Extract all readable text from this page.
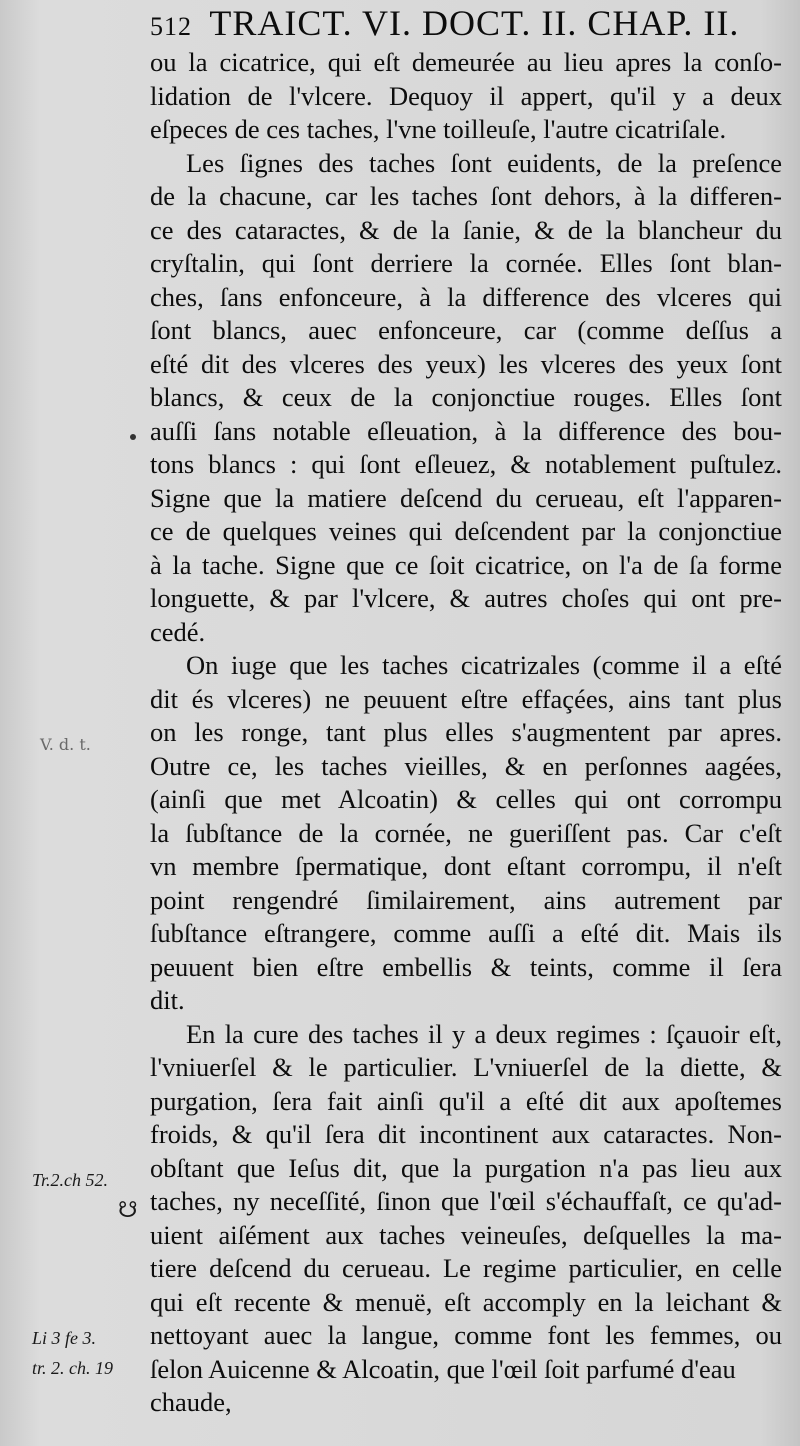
512 TRAICT. VI. DOCT. II. CHAP. II.
ou la cicatrice, qui eſt demeurée au lieu apres la conſo-
lidation de l'vlcere. Dequoy il appert, qu'il y a deux
eſpeces de ces taches, l'vne toilleuſe, l'autre cicatriſale.
Les ſignes des taches ſont euidents, de la preſence
de la chacune, car les taches ſont dehors, à la differen-
ce des cataractes, & de la ſanie, & de la blancheur du
cryſtalin, qui ſont derriere la cornée. Elles ſont blan-
ches, ſans enfonceure, à la difference des vlceres qui
ſont blancs, auec enfonceure, car (comme deſſus a
eſté dit des vlceres des yeux) les vlceres des yeux ſont
blancs, & ceux de la conjonctiue rouges. Elles ſont
auſſi ſans notable eſleuation, à la difference des bou-
tons blancs : qui ſont eſleuez, & notablement puſtulez.
Signe que la matiere deſcend du cerueau, eſt l'apparen-
ce de quelques veines qui deſcendent par la conjonctiue
à la tache. Signe que ce ſoit cicatrice, on l'a de ſa forme
longuette, & par l'vlcere, & autres choſes qui ont pre-
cedé.
On iuge que les taches cicatrizales (comme il a eſté
dit és vlceres) ne peuuent eſtre effaçées, ains tant plus
on les ronge, tant plus elles s'augmentent par apres.
Outre ce, les taches vieilles, & en perſonnes aagées,
(ainſi que met Alcoatin) & celles qui ont corrompu
la ſubſtance de la cornée, ne gueriſſent pas. Car c'eſt
vn membre ſpermatique, dont eſtant corrompu, il n'eſt
point rengendré ſimilairement, ains autrement par
ſubſtance eſtrangere, comme auſſi a eſté dit. Mais ils
peuuent bien eſtre embellis & teints, comme il ſera
dit.
En la cure des taches il y a deux regimes : ſçauoir eſt,
l'vniuerſel & le particulier. L'vniuerſel de la diette, &
purgation, ſera fait ainſi qu'il a eſté dit aux apoſtemes
froids, & qu'il ſera dit incontinent aux cataractes. Non-
obſtant que Ieſus dit, que la purgation n'a pas lieu aux
taches, ny neceſſité, ſinon que l'œil s'échauffaſt, ce qu'ad-
uient aiſément aux taches veineuſes, deſquelles la ma-
tiere deſcend du cerueau. Le regime particulier, en celle
qui eſt recente & menuë, eſt accomply en la leichant &
nettoyant auec la langue, comme font les femmes, ou
ſelon Auicenne & Alcoatin, que l'œil ſoit parfumé d'eau
chaude,
V. d. t.
Tr.2.ch 52.
☋
Li 3 fe 3.
tr. 2. ch. 19
